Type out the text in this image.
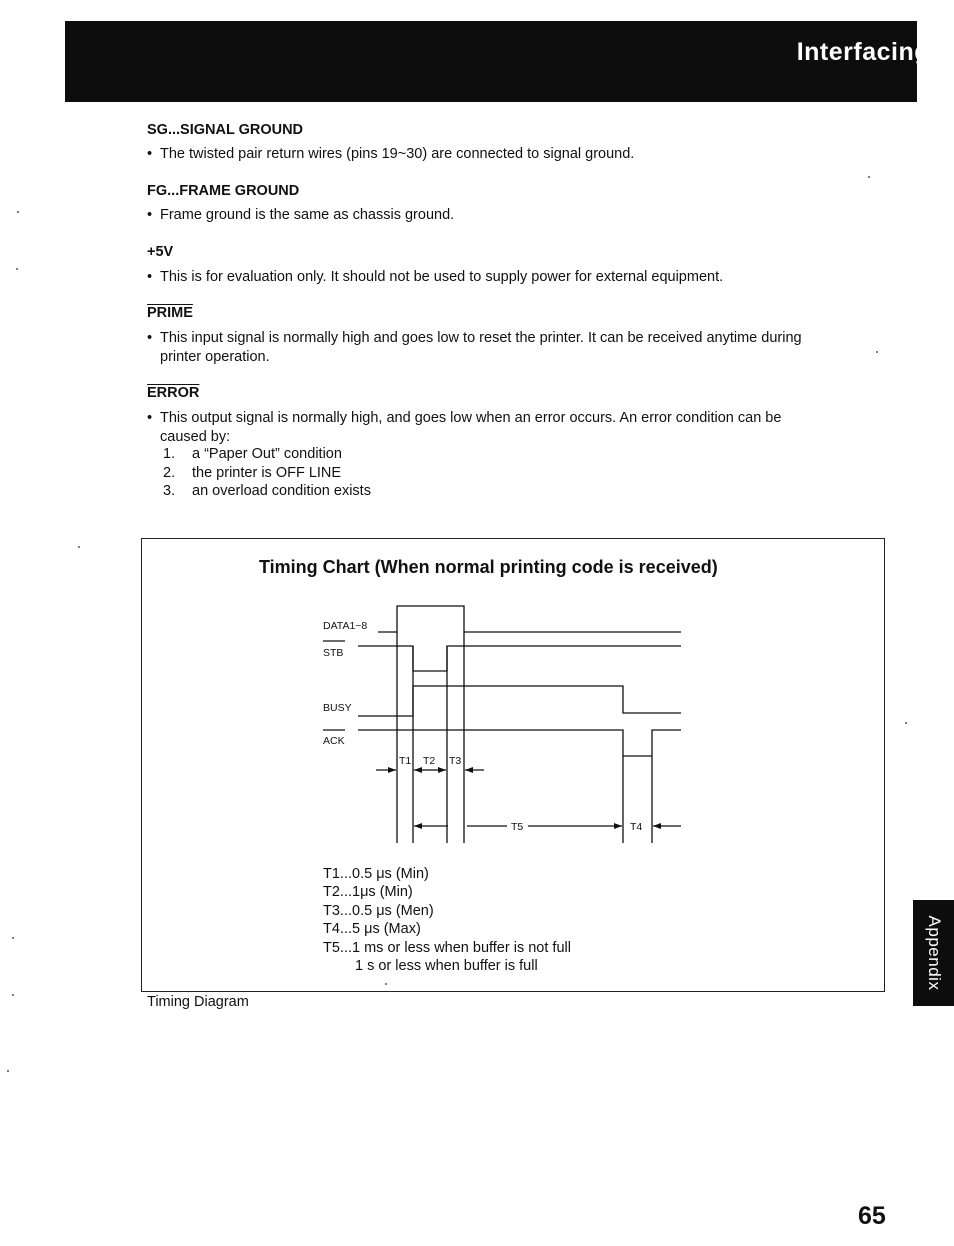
Interfacing
SG...SIGNAL GROUND
• The twisted pair return wires (pins 19~30) are connected to signal ground.
FG...FRAME GROUND
• Frame ground is the same as chassis ground.
+5V
• This is for evaluation only. It should not be used to supply power for external equipment.
PRIME
• This input signal is normally high and goes low to reset the printer. It can be received anytime during
printer operation.
ERROR
• This output signal is normally high, and goes low when an error occurs. An error condition can be
caused by:
1. a “Paper Out” condition
2. the printer is OFF LINE
3. an overload condition exists
Timing Chart (When normal printing code is received)
DATA1~8
STB
BUSY
ACK
T1 T2 T3
T5	T4
T1...0.5 μs (Min)
T2...1μs (Min)
T3...0.5 μs (Men)
T4...5 μs (Max)
T5...1 ms or less when buffer is not full
1 s or less when buffer is full
Timing Diagram
Appendix
65
